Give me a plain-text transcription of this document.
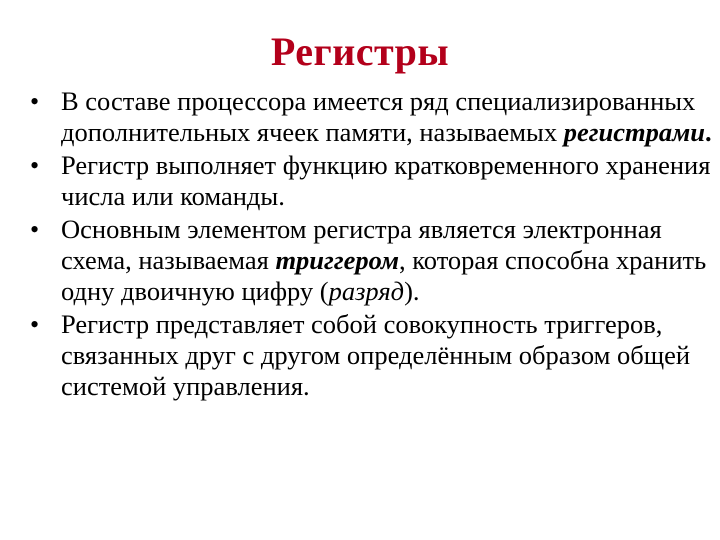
Регистры
• В составе процессора имеется ряд специализированных дополнительных ячеек памяти, называемых регистрами.
• Регистр выполняет функцию кратковременного хранения числа или команды.
• Основным элементом регистра является электронная схема, называемая триггером, которая способна хранить одну двоичную цифру (разряд).
• Регистр представляет собой совокупность триггеров, связанных друг с другом определённым образом общей системой управления.
